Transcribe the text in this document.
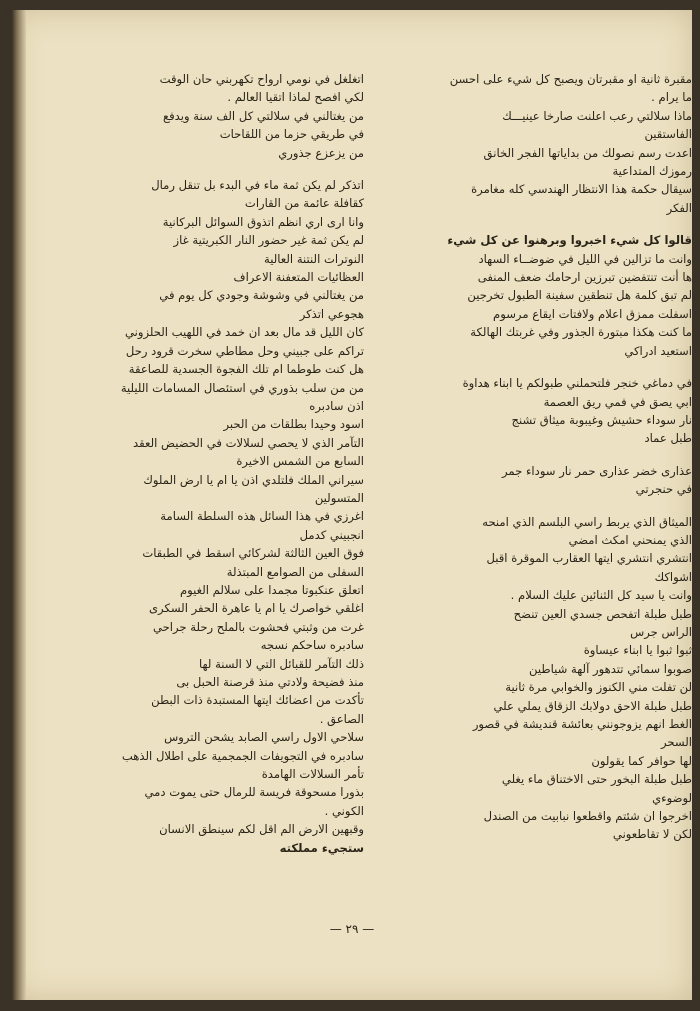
مقبرة ثانية او مقبرتان ويصبح كل شيء على احسن
ما يرام .
ماذا سلالتي رعب اعلنت صارخا عينيـــك
الفاستقين
اعدت رسم نصولك من بداياتها الفجر الخانق
رموزك المتداعية
سيقال حكمة هذا الانتظار الهندسي كله مغامرة
الفكر
قالوا كل شيء اخبروا وبرهنوا عن كل شيء
وانت ما تزالين في الليل في ضوضــاء السهاد
ها أنت تنتفضين تبرزين ارحامك ضعف المنفى
لم تبق كلمة هل تنطقين سفينة الطبول تخرجين
اسفلت ممزق اعلام ولافتات ايقاع مرسوم
ما كنت هكذا مبتورة الجذور وفي غربتك الهالكة
استعيد ادراكي
في دماغي خنجر فلتحملني طبولكم يا ابناء هداوة
ابي يصق في فمي ريق العصمة
نار سوداء حشيش وغيبوبة ميثاق تشنج
طبل عماد
عذارى خضر عذارى حمر نار سوداء جمر
في حنجرتي
الميثاق الذي يربط راسي البلسم الذي امنحه
الذي يمنحني امكث امضي
انتشري انتشري ايتها العقارب الموقرة اقبل
اشواكك
وانت يا سيد كل الثنائين عليك السلام .
طبل طبلة اتفحص جسدي العين تنضح
الراس جرس
ثبوا ثبوا يا ابناء عيساوة
صوبوا سمائي تتدهور آلهة شياطين
لن تفلت مني الكنوز والخوابي مرة ثانية
طبل طبلة الاحق دولابك الزقاق يملي علي
الغط انهم يزوجونني بعائشة قنديشة في قصور
السحر
لها حوافر كما يقولون
طبل طبلة البخور حتى الاختناق ماء يغلي
لوضوءي
اخرجوا ان شئتم واقطعوا نبابيت من الصندل
لكن لا تقاطعوني
اتغلغل في نومي ارواح تكهربني حان الوقت
لكي افصح لماذا اتقيا العالم .
من يغتالني في سلالتي كل الف سنة ويدفع
في طريقي حزما من اللقاحات
من يزعزع جذوري
اتذكر لم يكن ثمة ماء في البدء بل تنقل رمال
كقافلة عائمة من القارات
وانا ارى اري انظم اتذوق السوائل البركانية
لم يكن ثمة غير حضور النار الكبريتية غاز
النوترات النتنة العالية
العظائيات المتعفنة الاعراف
من يغتالني في وشوشة وجودي كل يوم في
هجوعي اتذكر
كان الليل قد مال بعد ان خمد في اللهيب الحلزوني
تراكم على جبيني وحل مطاطي سخرت قرود رحل
هل كنت طوطما ام تلك الفجوة الجسدية للصاعقة
من من سلب بذوري في استئصال المسامات الليلية
اذن سادبره
اسود وحيدا بطلقات من الحبر
التآمر الذي لا يحصي لسلالات في الحضيض العقد
السابع من الشمس الاخيرة
سيراني الملك فلتلدي اذن يا ام يا ارض الملوك
المتسولين
اغرزي في هذا السائل هذه السلطة السامة
انجبيني كدمل
فوق العين الثالثة لشركائي اسقط في الطبقات
السفلى من الصوامع المبتذلة
اتعلق عنكبوتا مجمدا على سلالم الغيوم
اغلقي خواصرك يا ام يا عاهرة الحفر السكرى
غرت من وثبتي فحشوت بالملح رحلة جراحي
سادبره ساحكم نسجه
ذلك التآمر للقبائل التي لا السنة لها
منذ فضيحة ولادتي منذ قرصنة الحبل بى
تأكدت من اعضائك ايتها المستبدة ذات البطن
الصاعق .
سلاحي الاول راسي الصابد يشحن التروس
سادبره في التجويفات الجمجمية على اطلال الذهب
تأمر السلالات الهامدة
بذورا مسحوقة فريسة للرمال حتى يموت دمي
الكوني .
وقبهين الارض الم اقل لكم سينطق الانسان
ستجيء مملكته
— ٢٩ —
